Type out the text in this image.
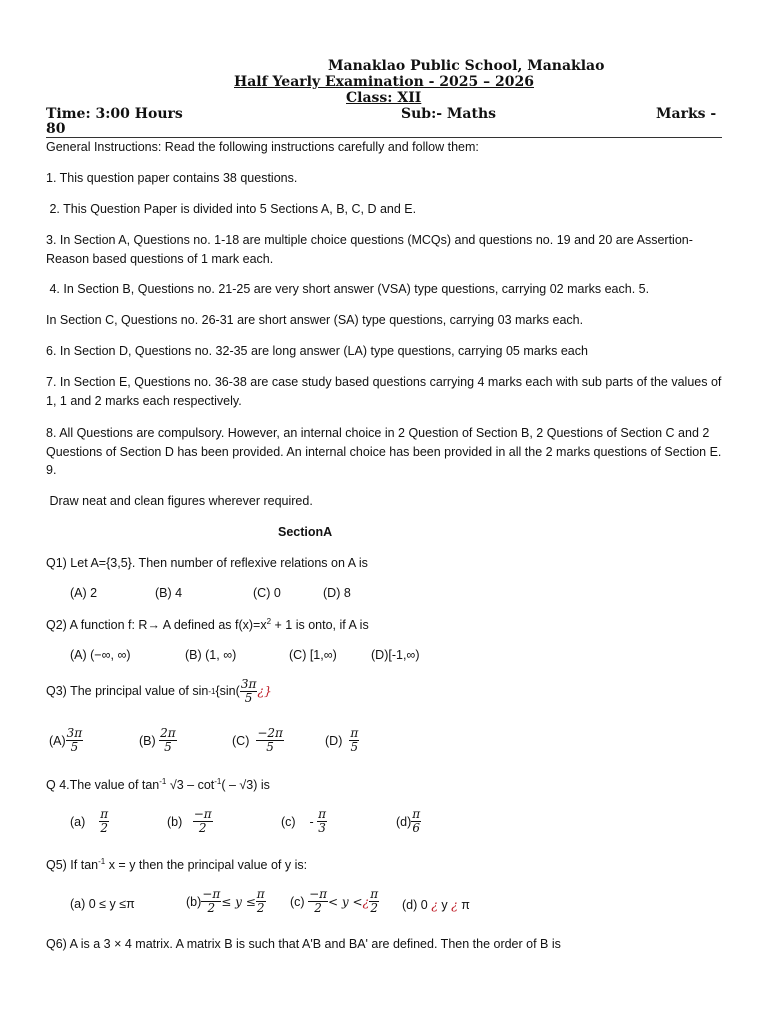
Manaklao Public School, Manaklao
Half Yearly Examination - 2025 – 2026
Class: XII
Time: 3:00 Hours	Sub:- Maths	Marks -
80
General Instructions: Read the following instructions carefully and follow them:
1. This question paper contains 38 questions.
2. This Question Paper is divided into 5 Sections A, B, C, D and E.
3. In Section A, Questions no. 1-18 are multiple choice questions (MCQs) and questions no. 19 and 20 are Assertion-Reason based questions of 1 mark each.
4. In Section B, Questions no. 21-25 are very short answer (VSA) type questions, carrying 02 marks each. 5.
In Section C, Questions no. 26-31 are short answer (SA) type questions, carrying 03 marks each.
6. In Section D, Questions no. 32-35 are long answer (LA) type questions, carrying 05 marks each
7. In Section E, Questions no. 36-38 are case study based questions carrying 4 marks each with sub parts of the values of 1, 1 and 2 marks each respectively.
8. All Questions are compulsory. However, an internal choice in 2 Question of Section B, 2 Questions of Section C and 2 Questions of Section D has been provided. An internal choice has been provided in all the 2 marks questions of Section E. 9.
Draw neat and clean figures wherever required.
SectionA
Q1) Let A={3,5}. Then number of reflexive relations on A is
(A) 2	(B) 4	(C) 0	(D) 8
Q2) A function f: R→ A defined as $f(x)=x^2 + 1$ is onto, if A is
(A) (−∞, ∞)	(B) (1, ∞)	(C) [1,∞)	(D)[-1,∞)
Q3) The principal value of sin -1 {$\sin( \frac{3\pi}{5}$ ¿}
$(A) \frac{3\pi}{5}$	(B)
$\frac{2\pi}{5}$	(C)
$\frac{-2\pi}{5}$	(D)
$\frac{\pi}{5}$
Q 4.The value of $\tan^{-1} √3 - \cot^{-1}( - √3)$ is
(a)
$\frac{\pi}{2}$	(b)
$\frac{-\pi}{2}$	(c)
-
$\frac{\pi}{3}$	$(d) \frac{\pi}{6}$
Q5) If $\tan^{-1} x = y$ then the principal value of y is:
(a) 0 ≤ y ≤π	$(b) \frac{-\pi}{2} \le y \le \frac{\pi}{2} (c)$
$\frac{-\pi}{2} < y$ < ¿ $\frac{\pi}{2} (d)$ 0 ¿ y ¿ π
Q6) A is a 3 × 4 matrix. A matrix B is such that A'B and BA' are defined. Then the order of B is
